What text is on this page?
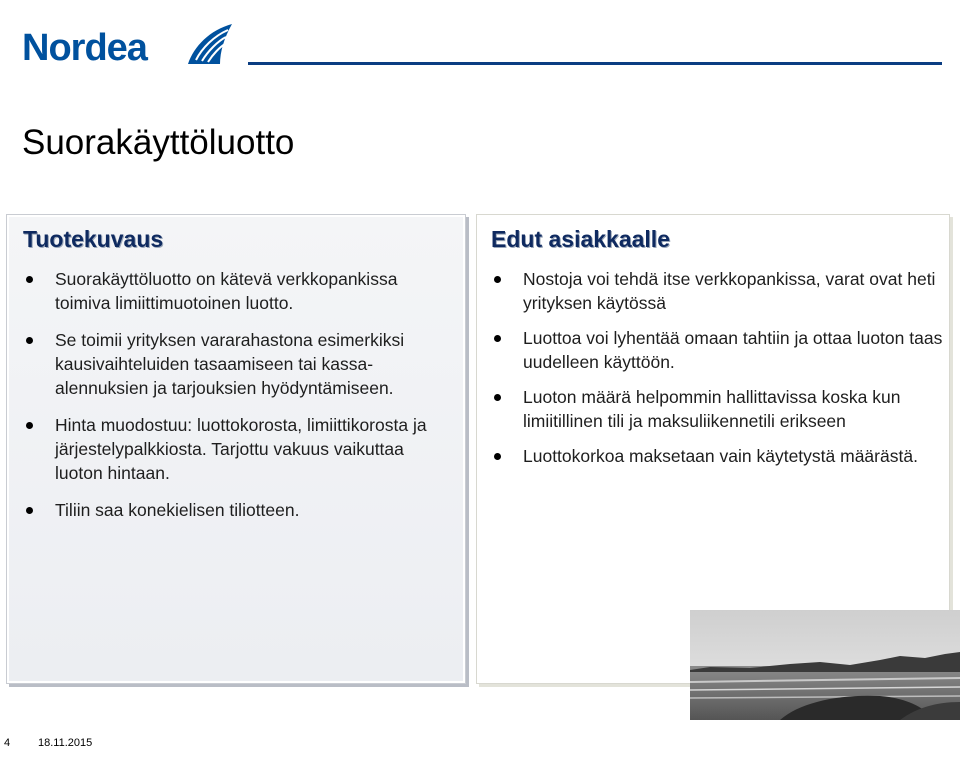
Nordea
Suorakäyttöluotto
Tuotekuvaus
Suorakäyttöluotto on kätevä verkkopankissa toimiva limiittimuotoinen luotto.
Se toimii yrityksen vararahastona esimerkiksi kausivaihteluiden tasaamiseen tai kassa-alennuksien ja tarjouksien hyödyntämiseen.
Hinta muodostuu: luottokorosta, limiittikorosta ja järjestelypalkkiosta. Tarjottu vakuus vaikuttaa luoton hintaan.
Tiliin saa konekielisen tiliotteen.
Edut asiakkaalle
Nostoja voi tehdä itse verkkopankissa, varat ovat heti yrityksen käytössä
Luottoa voi lyhentää omaan tahtiin ja ottaa luoton taas uudelleen käyttöön.
Luoton määrä helpommin hallittavissa koska kun limiitillinen tili ja maksuliikennetili erikseen
Luottokorkoa maksetaan vain käytetystä määrästä.
4	18.11.2015
